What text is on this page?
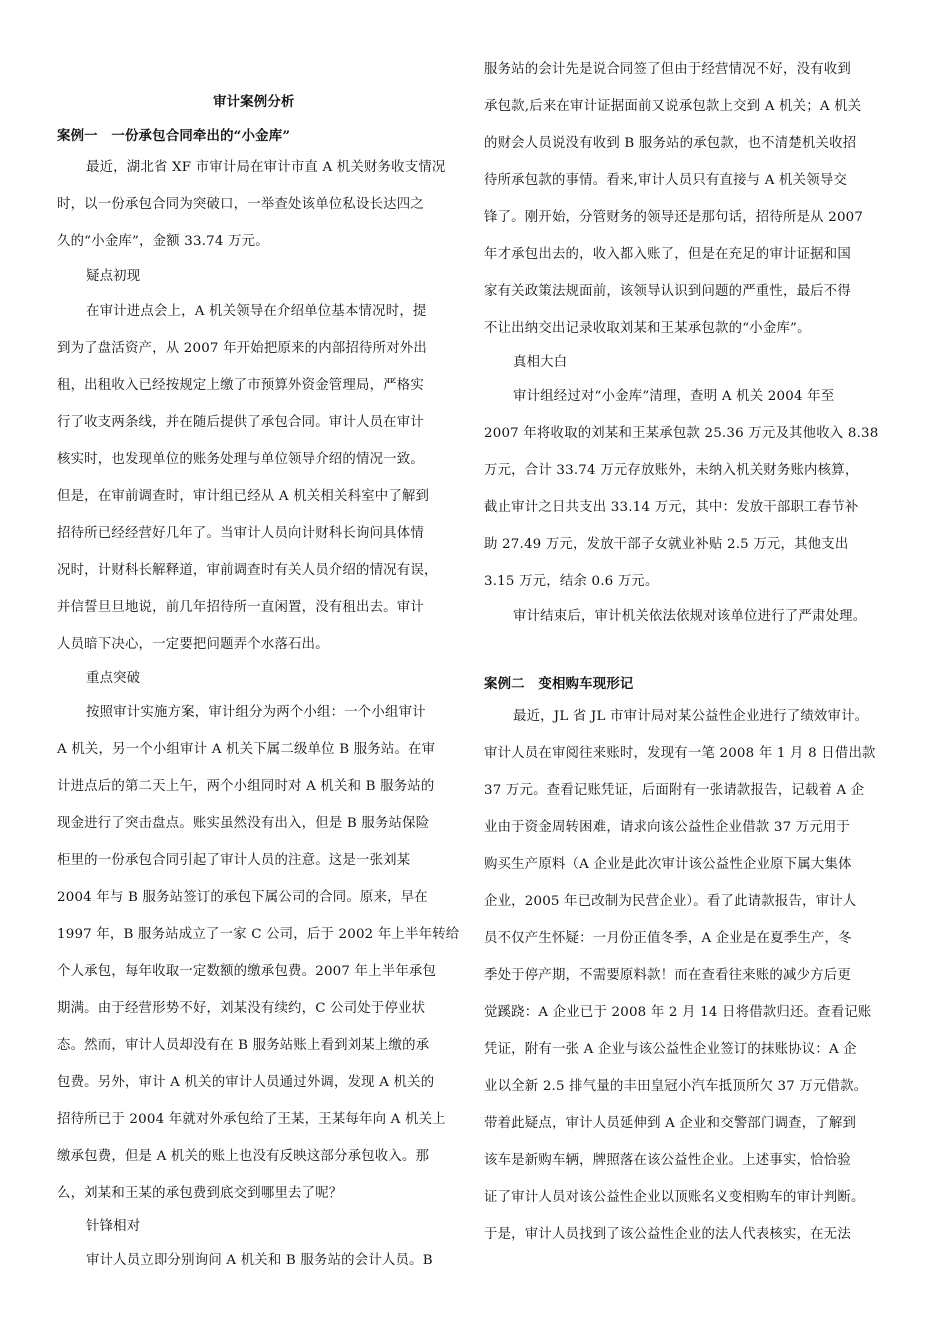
审计案例分析
案例一　一份承包合同牵出的“小金库”
最近，湖北省 XF 市审计局在审计市直 A 机关财务收支情况
时，以一份承包合同为突破口，一举查处该单位私设长达四之
久的“小金库”，金额 33.74 万元。
疑点初现
在审计进点会上，A 机关领导在介绍单位基本情况时，提
到为了盘活资产，从 2007 年开始把原来的内部招待所对外出
租，出租收入已经按规定上缴了市预算外资金管理局，严格实
行了收支两条线，并在随后提供了承包合同。审计人员在审计
核实时，也发现单位的账务处理与单位领导介绍的情况一致。
但是，在审前调查时，审计组已经从 A 机关相关科室中了解到
招待所已经经营好几年了。当审计人员向计财科长询问具体情
况时，计财科长解释道，审前调查时有关人员介绍的情况有误，
并信誓旦旦地说，前几年招待所一直闲置，没有租出去。审计
人员暗下决心，一定要把问题弄个水落石出。
重点突破
按照审计实施方案，审计组分为两个小组：一个小组审计
A 机关，另一个小组审计 A 机关下属二级单位 B 服务站。在审
计进点后的第二天上午，两个小组同时对 A 机关和 B 服务站的
现金进行了突击盘点。账实虽然没有出入，但是 B 服务站保险
柜里的一份承包合同引起了审计人员的注意。这是一张刘某
2004 年与 B 服务站签订的承包下属公司的合同。原来，早在
1997 年，B 服务站成立了一家 C 公司，后于 2002 年上半年转给
个人承包，每年收取一定数额的缴承包费。2007 年上半年承包
期满。由于经营形势不好，刘某没有续约，C 公司处于停业状
态。然而，审计人员却没有在 B 服务站账上看到刘某上缴的承
包费。另外，审计 A 机关的审计人员通过外调，发现 A 机关的
招待所已于 2004 年就对外承包给了王某，王某每年向 A 机关上
缴承包费，但是 A 机关的账上也没有反映这部分承包收入。那
么，刘某和王某的承包费到底交到哪里去了呢？
针锋相对
审计人员立即分别询问 A 机关和 B 服务站的会计人员。B
服务站的会计先是说合同签了但由于经营情况不好，没有收到
承包款,后来在审计证据面前又说承包款上交到 A 机关；A 机关
的财会人员说没有收到 B 服务站的承包款，也不清楚机关收招
待所承包款的事情。看来,审计人员只有直接与 A 机关领导交
锋了。刚开始，分管财务的领导还是那句话，招待所是从 2007
年才承包出去的，收入都入账了，但是在充足的审计证据和国
家有关政策法规面前，该领导认识到问题的严重性，最后不得
不让出纳交出记录收取刘某和王某承包款的“小金库”。
真相大白
审计组经过对“小金库”清理，查明 A 机关 2004 年至
2007 年将收取的刘某和王某承包款 25.36 万元及其他收入 8.38
万元，合计 33.74 万元存放账外，未纳入机关财务账内核算，
截止审计之日共支出 33.14 万元，其中：发放干部职工春节补
助 27.49 万元，发放干部子女就业补贴 2.5 万元，其他支出
3.15 万元，结余 0.6 万元。
审计结束后，审计机关依法依规对该单位进行了严肃处理。
案例二　变相购车现形记
最近，JL 省 JL 市审计局对某公益性企业进行了绩效审计。
审计人员在审阅往来账时，发现有一笔 2008 年 1 月 8 日借出款
37 万元。查看记账凭证，后面附有一张请款报告，记载着 A 企
业由于资金周转困难，请求向该公益性企业借款 37 万元用于
购买生产原料（A 企业是此次审计该公益性企业原下属大集体
企业，2005 年已改制为民营企业）。看了此请款报告，审计人
员不仅产生怀疑：一月份正值冬季，A 企业是在夏季生产，冬
季处于停产期，不需要原料款！而在查看往来账的减少方后更
觉蹊跷：A 企业已于 2008 年 2 月 14 日将借款归还。查看记账
凭证，附有一张 A 企业与该公益性企业签订的抹账协议：A 企
业以全新 2.5 排气量的丰田皇冠小汽车抵顶所欠 37 万元借款。
带着此疑点，审计人员延伸到 A 企业和交警部门调查，了解到
该车是新购车辆，牌照落在该公益性企业。上述事实，恰恰验
证了审计人员对该公益性企业以顶账名义变相购车的审计判断。
于是，审计人员找到了该公益性企业的法人代表核实，在无法
